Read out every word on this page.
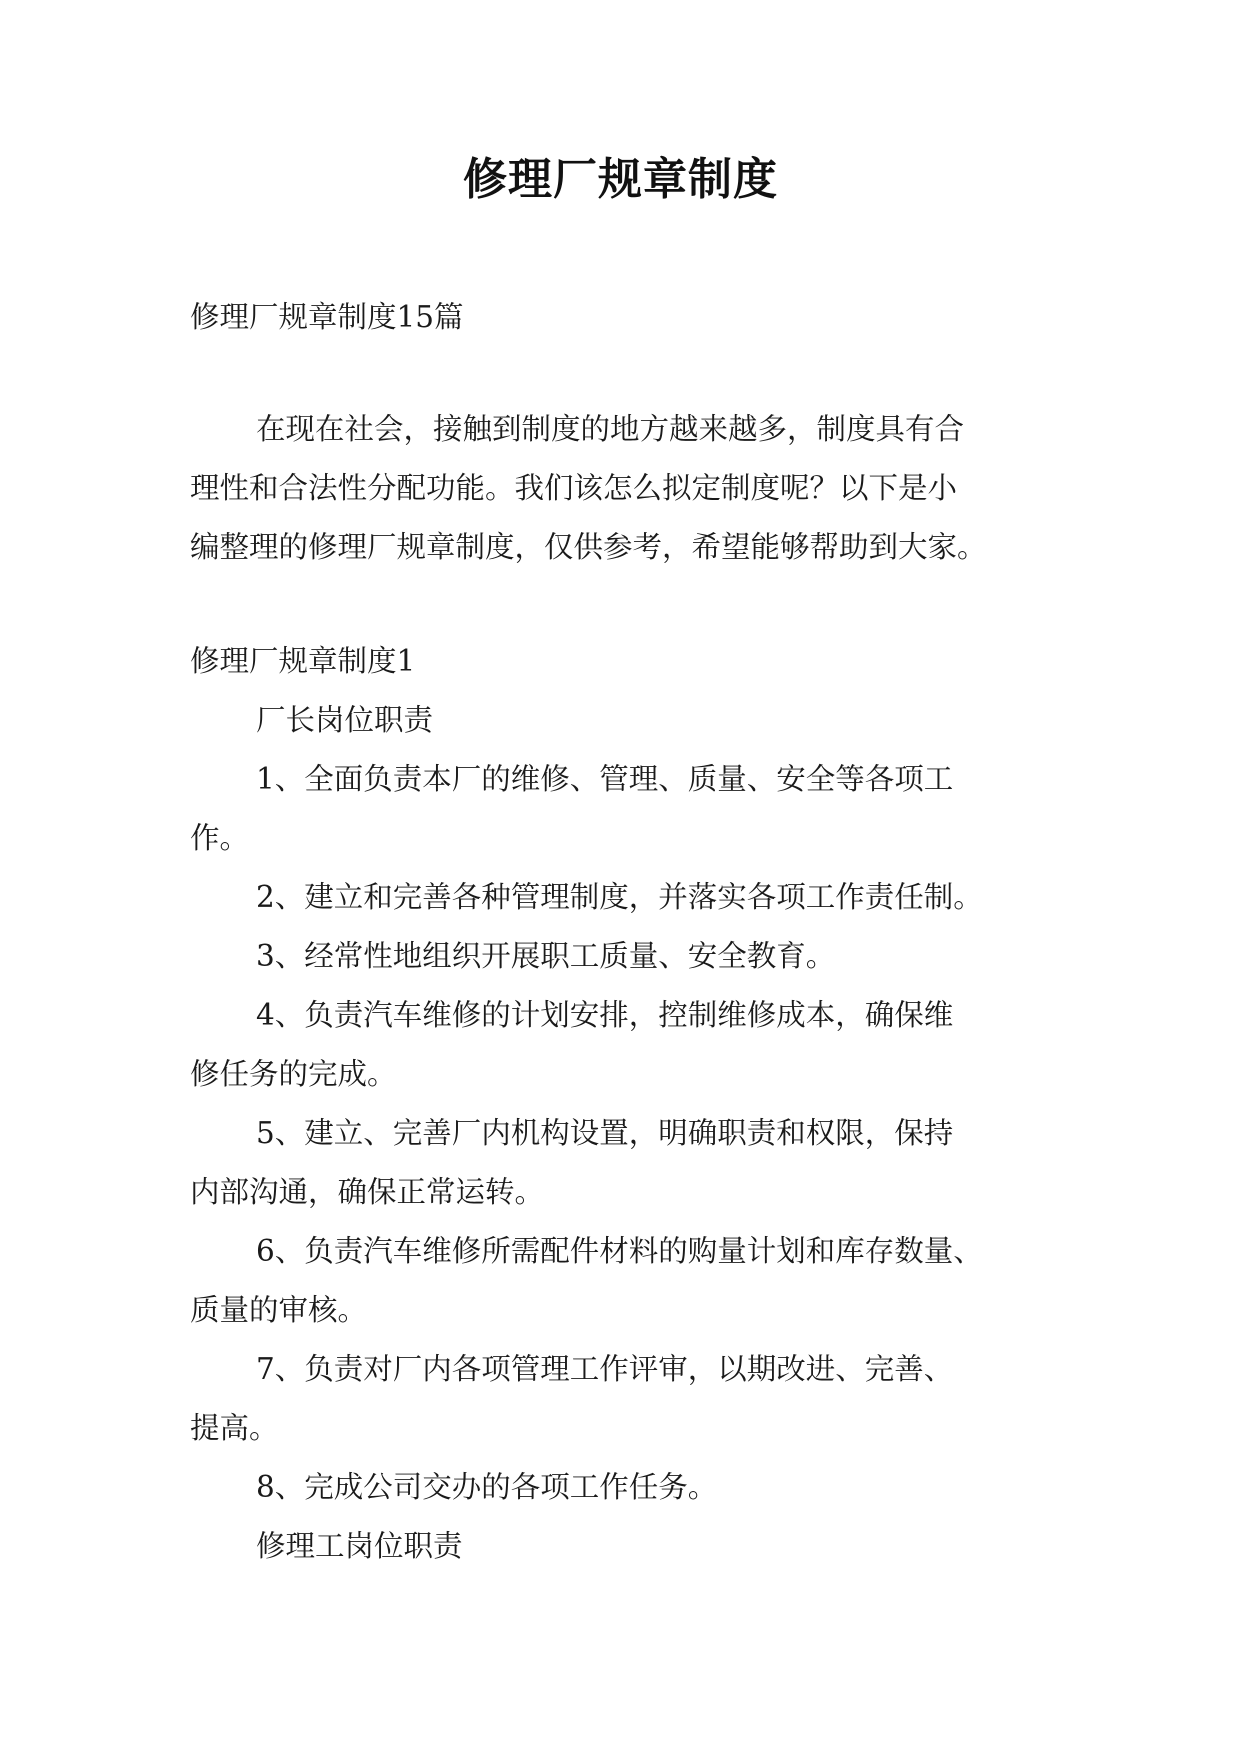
修理厂规章制度
修理厂规章制度15篇
在现在社会，接触到制度的地方越来越多，制度具有合
理性和合法性分配功能。我们该怎么拟定制度呢？以下是小
编整理的修理厂规章制度，仅供参考，希望能够帮助到大家。
修理厂规章制度1
厂长岗位职责
1、全面负责本厂的维修、管理、质量、安全等各项工
作。
2、建立和完善各种管理制度，并落实各项工作责任制。
3、经常性地组织开展职工质量、安全教育。
4、负责汽车维修的计划安排，控制维修成本，确保维
修任务的完成。
5、建立、完善厂内机构设置，明确职责和权限，保持
内部沟通，确保正常运转。
6、负责汽车维修所需配件材料的购量计划和库存数量、
质量的审核。
7、负责对厂内各项管理工作评审，以期改进、完善、
提高。
8、完成公司交办的各项工作任务。
修理工岗位职责
